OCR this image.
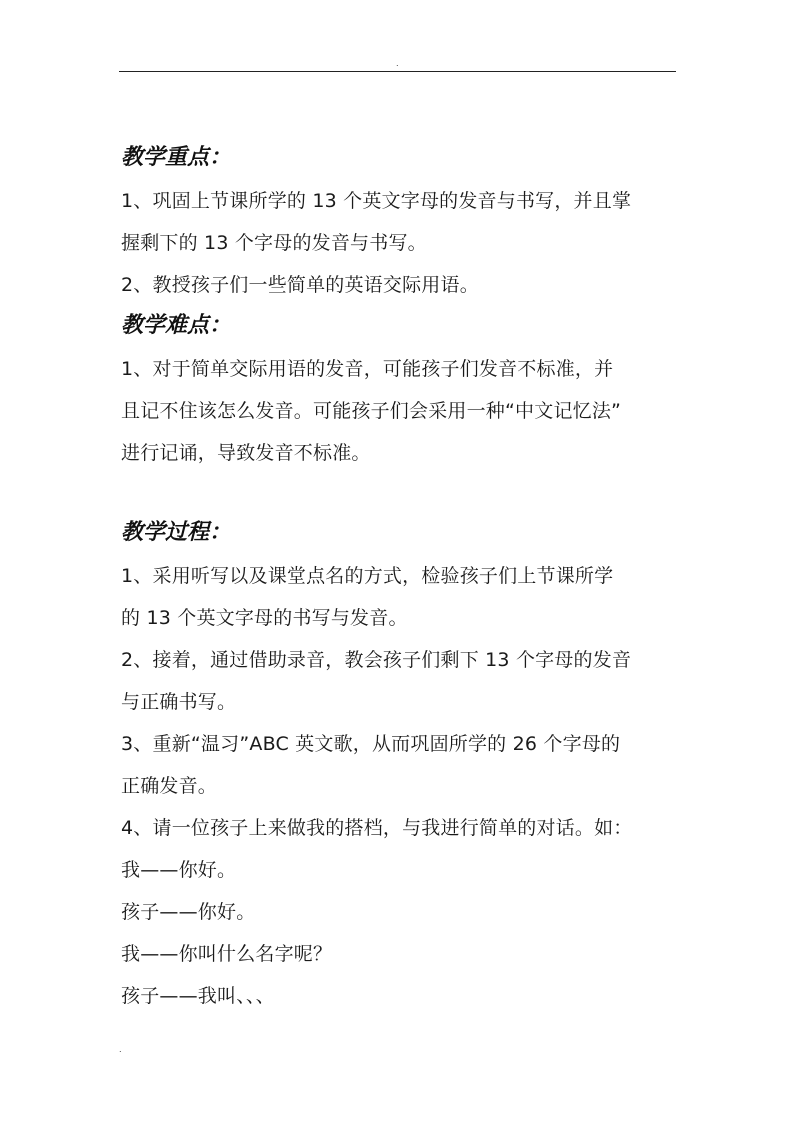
.
教学重点：
1、巩固上节课所学的 13 个英文字母的发音与书写，并且掌
握剩下的 13 个字母的发音与书写。
2、教授孩子们一些简单的英语交际用语。
教学难点：
1、对于简单交际用语的发音，可能孩子们发音不标准，并
且记不住该怎么发音。可能孩子们会采用一种“中文记忆法”
进行记诵，导致发音不标准。
教学过程：
1、采用听写以及课堂点名的方式，检验孩子们上节课所学
的 13 个英文字母的书写与发音。
2、接着，通过借助录音，教会孩子们剩下 13 个字母的发音
与正确书写。
3、重新“温习”ABC 英文歌，从而巩固所学的 26 个字母的
正确发音。
4、请一位孩子上来做我的搭档，与我进行简单的对话。如：
我——你好。
孩子——你好。
我——你叫什么名字呢？
孩子——我叫、、、
.
